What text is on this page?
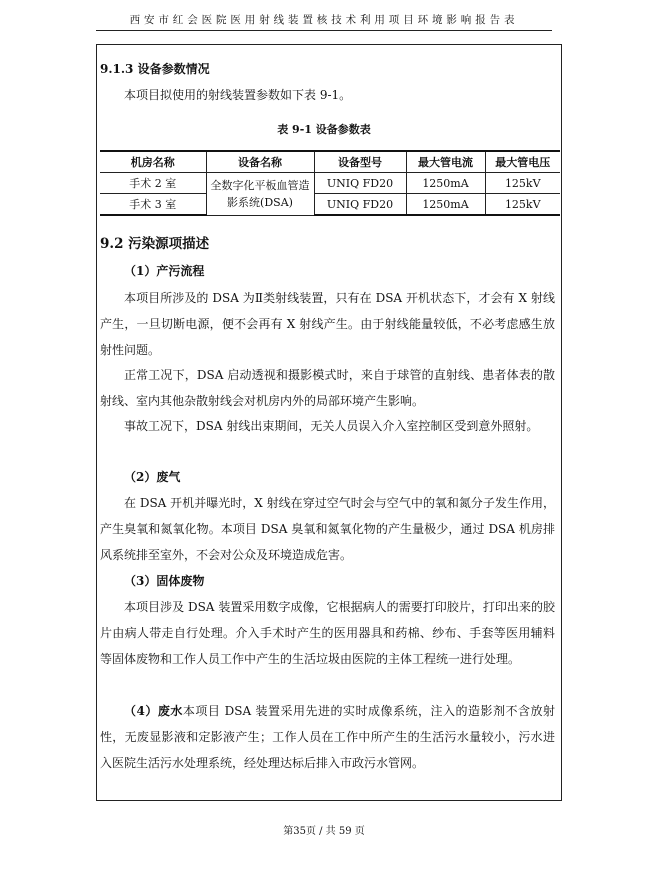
西安市红会医院医用射线装置核技术利用项目环境影响报告表
9.1.3 设备参数情况

本项目拟使用的射线装置参数如下表 9-1。

表 9-1 设备参数表
机房名称	设备名称	设备型号	最大管电流	最大管电压
手术 2 室	全数字化平板血管造影系统(DSA)	UNIQ FD20	1250mA	125kV
手术 3 室		UNIQ FD20	1250mA	125kV
9.2 污染源项描述
（1）产污流程

本项目所涉及的 DSA 为Ⅱ类射线装置，只有在 DSA 开机状态下，才会有 X 射线产生，一旦切断电源，便不会再有 X 射线产生。由于射线能量较低，不必考虑感生放射性问题。

正常工况下，DSA 启动透视和摄影模式时，来自于球管的直射线、患者体表的散射线、室内其他杂散射线会对机房内外的局部环境产生影响。

事故工况下，DSA 射线出束期间，无关人员误入介入室控制区受到意外照射。

（2）废气

在 DSA 开机并曝光时，X 射线在穿过空气时会与空气中的氧和氮分子发生作用，产生臭氧和氮氧化物。本项目 DSA 臭氧和氮氧化物的产生量极少，通过 DSA 机房排风系统排至室外，不会对公众及环境造成危害。

（3）固体废物

本项目涉及 DSA 装置采用数字成像，它根据病人的需要打印胶片，打印出来的胶片由病人带走自行处理。介入手术时产生的医用器具和药棉、纱布、手套等医用辅料等固体废物和工作人员工作中产生的生活垃圾由医院的主体工程统一进行处理。

（4）废水本项目 DSA 装置采用先进的实时成像系统，注入的造影剂不含放射性，无废显影液和定影液产生；工作人员在工作中所产生的生活污水量较小，污水进入医院生活污水处理系统，经处理达标后排入市政污水管网。

第35页 / 共 59 页
